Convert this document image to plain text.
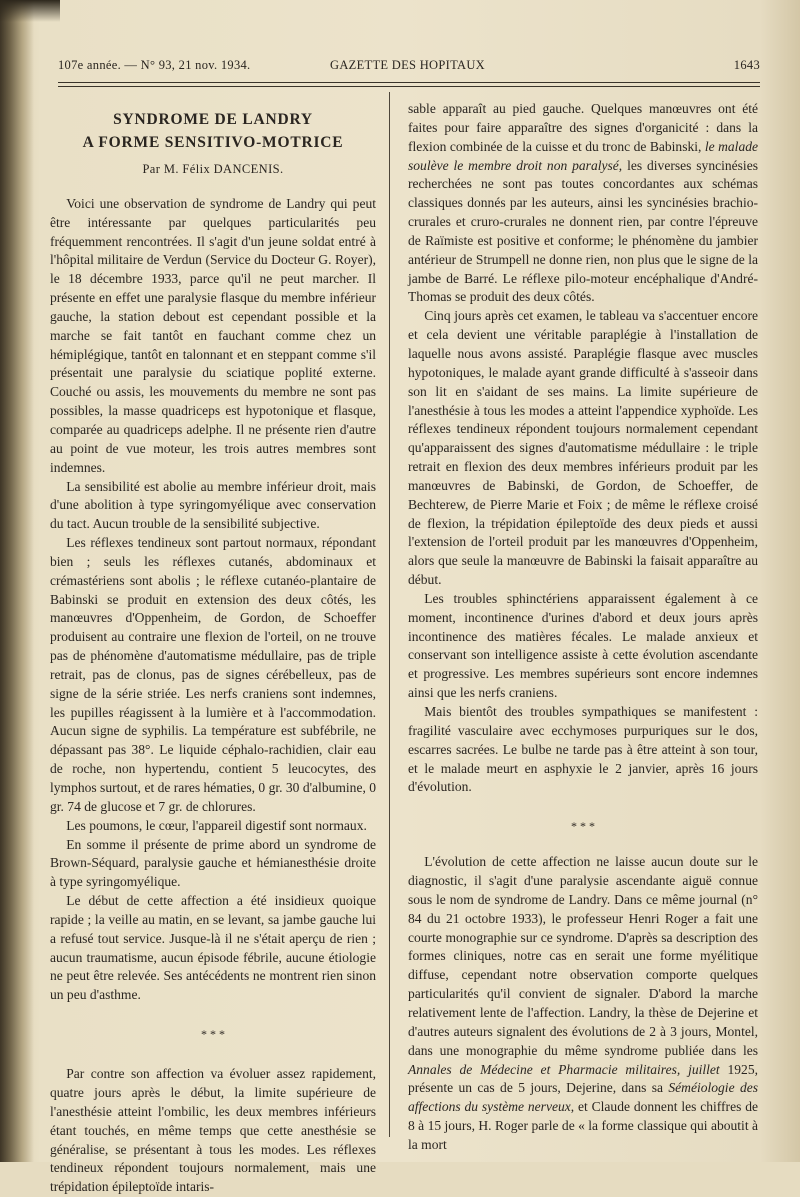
107e année. — N° 93, 21 nov. 1934.	GAZETTE DES HOPITAUX	1643
SYNDROME DE LANDRY
A FORME SENSITIVO-MOTRICE
Par M. Félix DANCENIS.

Voici une observation de syndrome de Landry qui peut être intéressante par quelques particularités peu fréquemment rencontrées. Il s'agit d'un jeune soldat entré à l'hôpital militaire de Verdun (Service du Docteur G. Royer), le 18 décembre 1933, parce qu'il ne peut marcher. Il présente en effet une paralysie flasque du membre inférieur gauche, la station debout est cependant possible et la marche se fait tantôt en fauchant comme chez un hémiplégique, tantôt en talonnant et en steppant comme s'il présentait une paralysie du sciatique poplité externe. Couché ou assis, les mouvements du membre ne sont pas possibles, la masse quadriceps est hypotonique et flasque, comparée au quadriceps adelphe. Il ne présente rien d'autre au point de vue moteur, les trois autres membres sont indemnes.

La sensibilité est abolie au membre inférieur droit, mais d'une abolition à type syringomyélique avec conservation du tact. Aucun trouble de la sensibilité subjective.

Les réflexes tendineux sont partout normaux, répondant bien ; seuls les réflexes cutanés, abdominaux et crémastériens sont abolis ; le réflexe cutanéo-plantaire de Babinski se produit en extension des deux côtés, les manœuvres d'Oppenheim, de Gordon, de Schoeffer produisent au contraire une flexion de l'orteil, on ne trouve pas de phénomène d'automatisme médullaire, pas de triple retrait, pas de clonus, pas de signes cérébelleux, pas de signe de la série striée. Les nerfs craniens sont indemnes, les pupilles réagissent à la lumière et à l'accommodation. Aucun signe de syphilis. La température est subfébrile, ne dépassant pas 38°. Le liquide céphalo-rachidien, clair eau de roche, non hypertendu, contient 5 leucocytes, des lymphos surtout, et de rares hématies, 0 gr. 30 d'albumine, 0 gr. 74 de glucose et 7 gr. de chlorures.

Les poumons, le cœur, l'appareil digestif sont normaux.

En somme il présente de prime abord un syndrome de Brown-Séquard, paralysie gauche et hémianesthésie droite à type syringomyélique.

Le début de cette affection a été insidieux quoique rapide ; la veille au matin, en se levant, sa jambe gauche lui a refusé tout service. Jusque-là il ne s'était aperçu de rien ; aucun traumatisme, aucun épisode fébrile, aucune étiologie ne peut être relevée. Ses antécédents ne montrent rien sinon un peu d'asthme.

* * *

Par contre son affection va évoluer assez rapidement, quatre jours après le début, la limite supérieure de l'anesthésie atteint l'ombilic, les deux membres inférieurs étant touchés, en même temps que cette anesthésie se généralise, se présentant à tous les modes. Les réflexes tendineux répondent toujours normalement, mais une trépidation épileptoïde intaris-

sable apparaît au pied gauche. Quelques manœuvres ont été faites pour faire apparaître des signes d'organicité : dans la flexion combinée de la cuisse et du tronc de Babinski, le malade soulève le membre droit non paralysé, les diverses syncinésies recherchées ne sont pas toutes concordantes aux schémas classiques donnés par les auteurs, ainsi les syncinésies brachio-crurales et cruro-crurales ne donnent rien, par contre l'épreuve de Raïmiste est positive et conforme; le phénomène du jambier antérieur de Strumpell ne donne rien, non plus que le signe de la jambe de Barré. Le réflexe pilo-moteur encéphalique d'André-Thomas se produit des deux côtés.

Cinq jours après cet examen, le tableau va s'accentuer encore et cela devient une véritable paraplégie à l'installation de laquelle nous avons assisté. Paraplégie flasque avec muscles hypotoniques, le malade ayant grande difficulté à s'asseoir dans son lit en s'aidant de ses mains. La limite supérieure de l'anesthésie à tous les modes a atteint l'appendice xyphoïde. Les réflexes tendineux répondent toujours normalement cependant qu'apparaissent des signes d'automatisme médullaire : le triple retrait en flexion des deux membres inférieurs produit par les manœuvres de Babinski, de Gordon, de Schoeffer, de Bechterew, de Pierre Marie et Foix ; de même le réflexe croisé de flexion, la trépidation épileptoïde des deux pieds et aussi l'extension de l'orteil produit par les manœuvres d'Oppenheim, alors que seule la manœuvre de Babinski la faisait apparaître au début.

Les troubles sphinctériens apparaissent également à ce moment, incontinence d'urines d'abord et deux jours après incontinence des matières fécales. Le malade anxieux et conservant son intelligence assiste à cette évolution ascendante et progressive. Les membres supérieurs sont encore indemnes ainsi que les nerfs craniens.

Mais bientôt des troubles sympathiques se manifestent : fragilité vasculaire avec ecchymoses purpuriques sur le dos, escarres sacrées. Le bulbe ne tarde pas à être atteint à son tour, et le malade meurt en asphyxie le 2 janvier, après 16 jours d'évolution.

* * *

L'évolution de cette affection ne laisse aucun doute sur le diagnostic, il s'agit d'une paralysie ascendante aiguë connue sous le nom de syndrome de Landry. Dans ce même journal (n° 84 du 21 octobre 1933), le professeur Henri Roger a fait une courte monographie sur ce syndrome. D'après sa description des formes cliniques, notre cas en serait une forme myélitique diffuse, cependant notre observation comporte quelques particularités qu'il convient de signaler. D'abord la marche relativement lente de l'affection. Landry, la thèse de Dejerine et d'autres auteurs signalent des évolutions de 2 à 3 jours, Montel, dans une monographie du même syndrome publiée dans les Annales de Médecine et Pharmacie militaires, juillet 1925, présente un cas de 5 jours, Dejerine, dans sa Séméiologie des affections du système nerveux, et Claude donnent les chiffres de 8 à 15 jours, H. Roger parle de « la forme classique qui aboutit à la mort
